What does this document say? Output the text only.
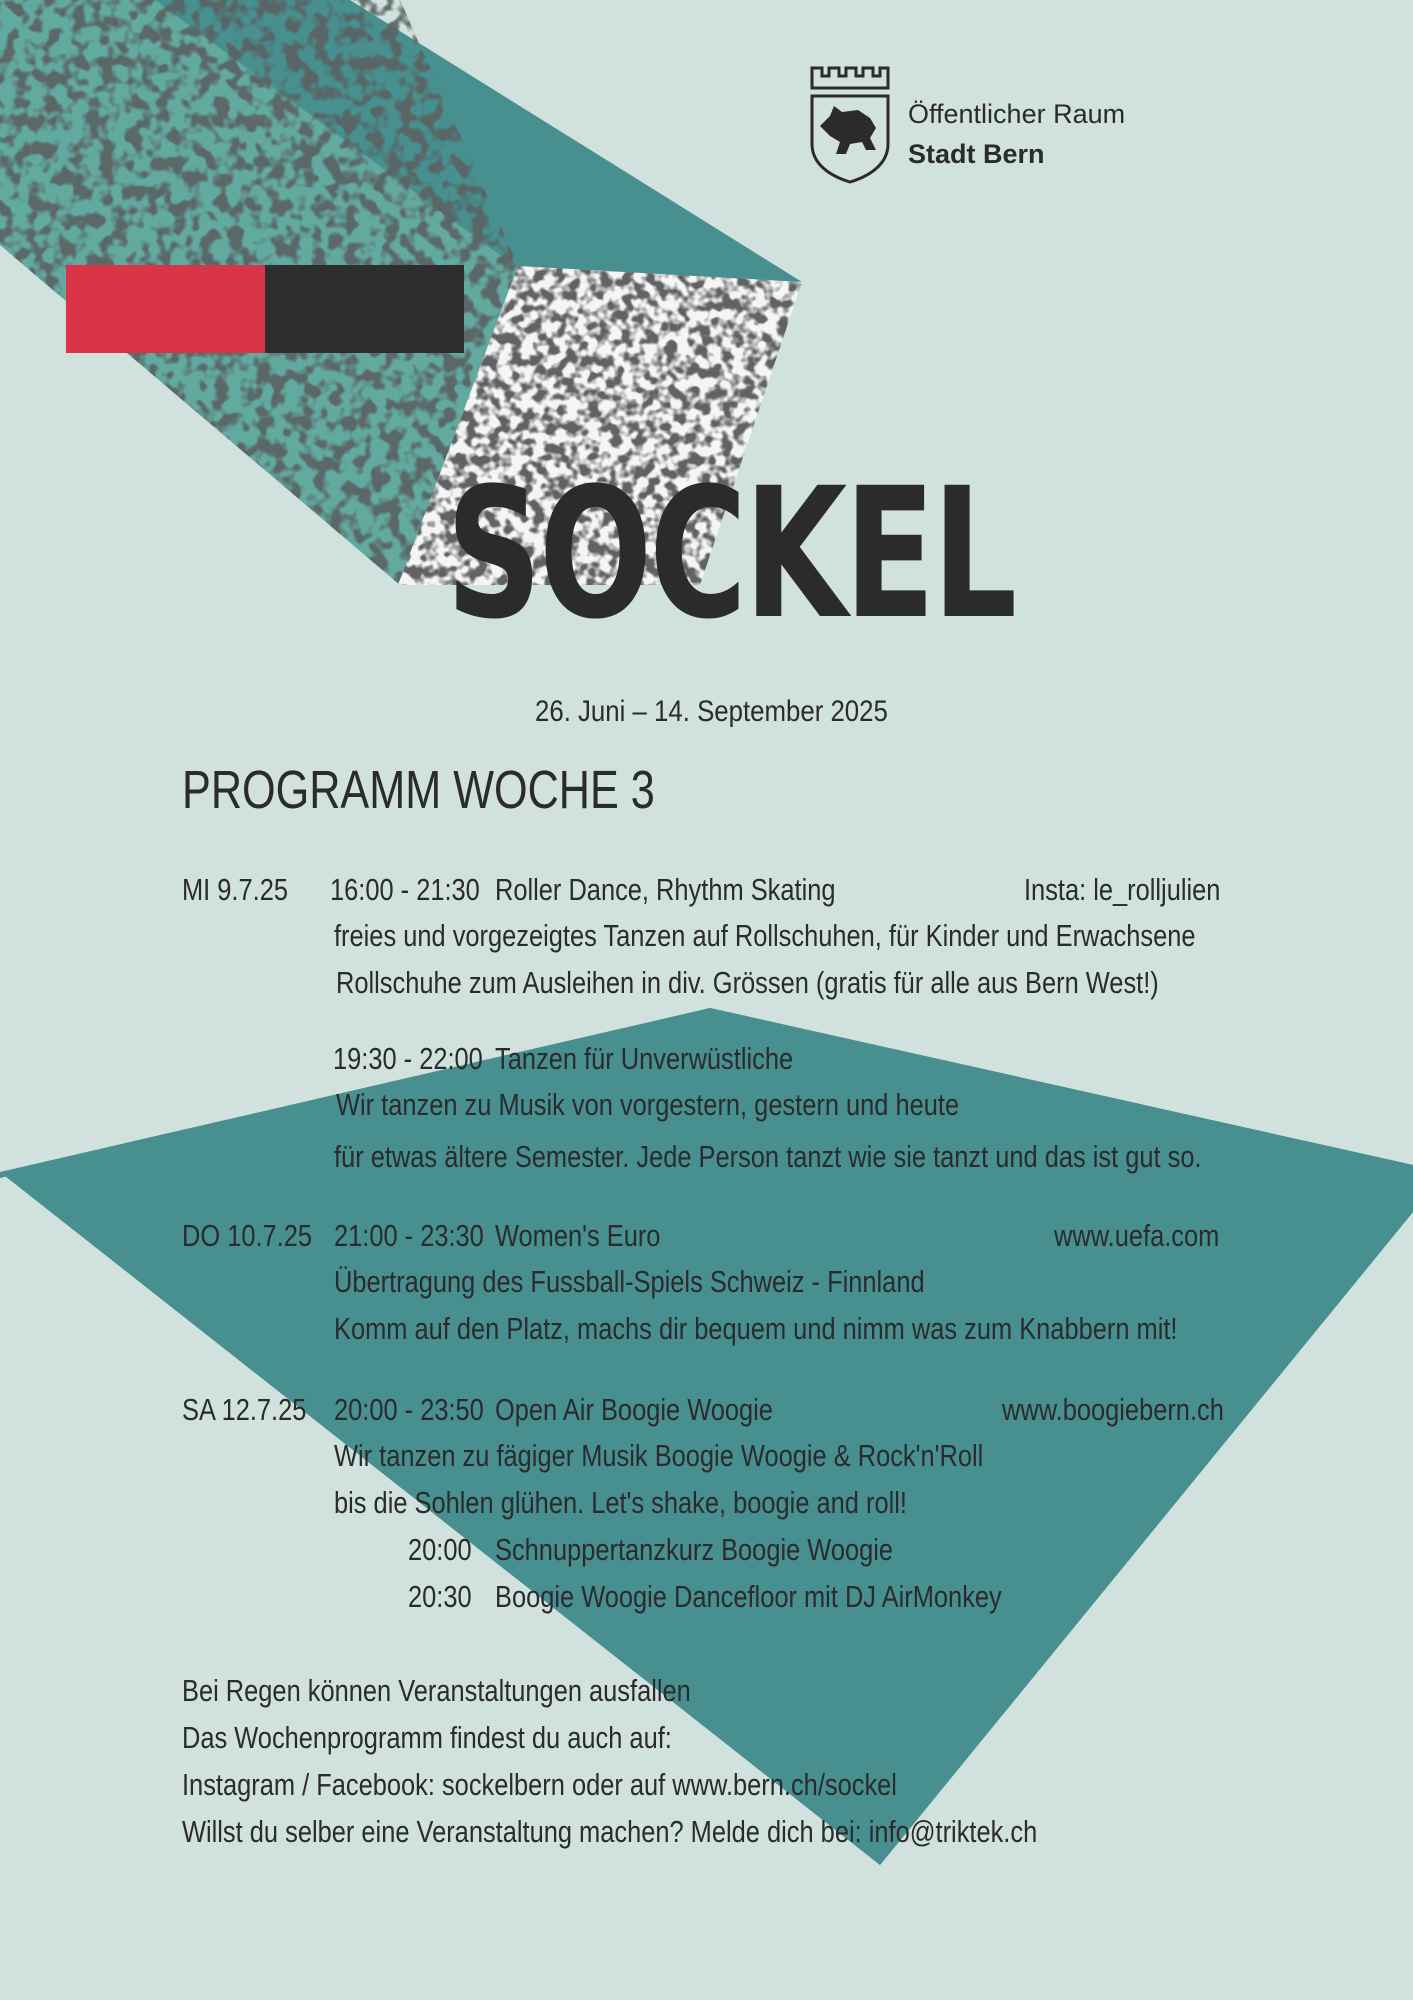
Öffentlicher Raum
Stadt Bern
SOCKEL
26. Juni – 14. September 2025
PROGRAMM WOCHE 3
MI 9.7.25 16:00 - 21:30 Roller Dance, Rhythm Skating	Insta: le_rolljulien
freies und vorgezeigtes Tanzen auf Rollschuhen, für Kinder und Erwachsene
Rollschuhe zum Ausleihen in div. Grössen (gratis für alle aus Bern West!)
19:30 - 22:00 Tanzen für Unverwüstliche
Wir tanzen zu Musik von vorgestern, gestern und heute
für etwas ältere Semester. Jede Person tanzt wie sie tanzt und das ist gut so.
DO 10.7.25 21:00 - 23:30 Women's Euro	www.uefa.com
Übertragung des Fussball-Spiels Schweiz - Finnland
Komm auf den Platz, machs dir bequem und nimm was zum Knabbern mit!
SA 12.7.25 20:00 - 23:50 Open Air Boogie Woogie	www.boogiebern.ch
Wir tanzen zu fägiger Musik Boogie Woogie & Rock'n'Roll
bis die Sohlen glühen. Let's shake, boogie and roll!
20:00 Schnuppertanzkurz Boogie Woogie
20:30 Boogie Woogie Dancefloor mit DJ AirMonkey
Bei Regen können Veranstaltungen ausfallen
Das Wochenprogramm findest du auch auf:
Instagram / Facebook: sockelbern oder auf www.bern.ch/sockel
Willst du selber eine Veranstaltung machen? Melde dich bei: info@triktek.ch
